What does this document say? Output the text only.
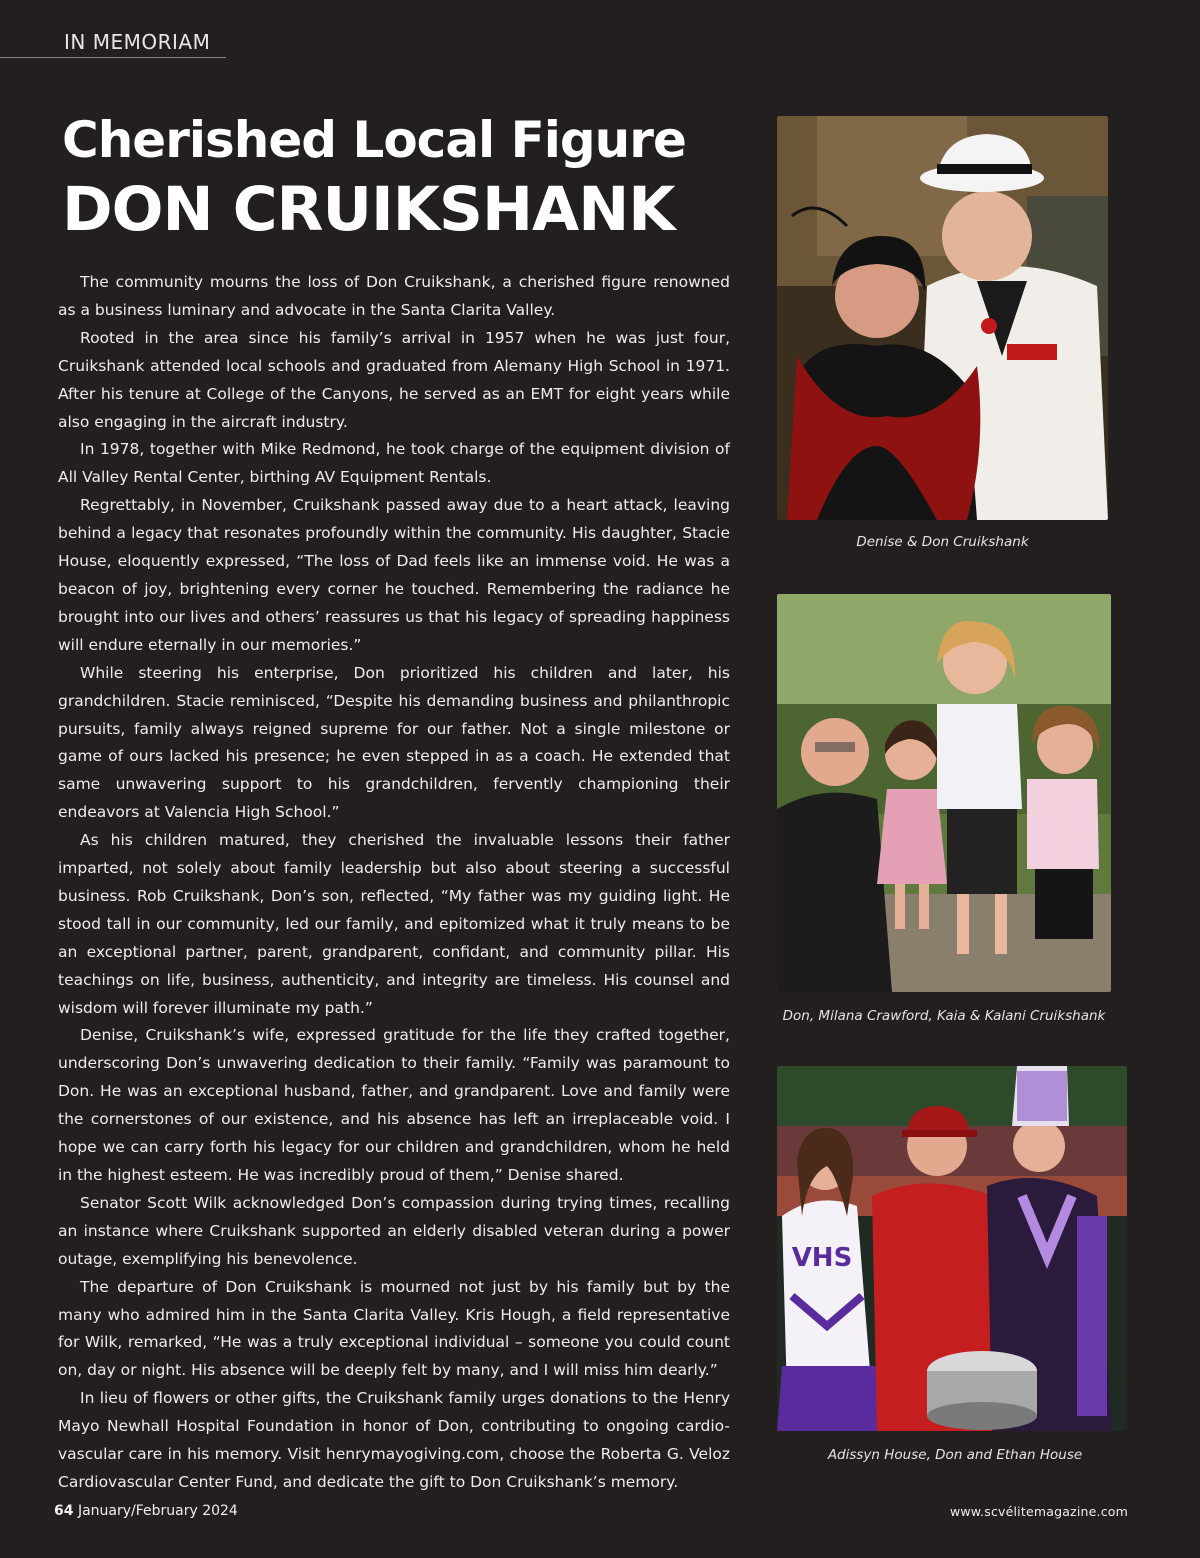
IN MEMORIAM
Cherished Local Figure
DON CRUIKSHANK

The community mourns the loss of Don Cruikshank, a cherished figure renowned as a business luminary and advocate in the Santa Clarita Valley.

Rooted in the area since his family’s arrival in 1957 when he was just four, Cruikshank attended local schools and graduated from Alemany High School in 1971. After his tenure at College of the Canyons, he served as an EMT for eight years while also engaging in the aircraft industry.

In 1978, together with Mike Redmond, he took charge of the equipment division of All Valley Rental Center, birthing AV Equipment Rentals.

Regrettably, in November, Cruikshank passed away due to a heart attack, leaving behind a legacy that resonates profoundly within the community. His daughter, Stacie House, eloquently expressed, “The loss of Dad feels like an immense void. He was a beacon of joy, brightening every corner he touched. Remembering the radiance he brought into our lives and others’ reassures us that his legacy of spreading happiness will endure eternally in our memories.”

While steering his enterprise, Don prioritized his children and later, his grandchildren. Stacie reminisced, “Despite his demanding business and philanthropic pursuits, family always reigned supreme for our father. Not a single milestone or game of ours lacked his presence; he even stepped in as a coach. He extended that same unwavering support to his grandchildren, fervently championing their endeavors at Valencia High School.”

As his children matured, they cherished the invaluable lessons their father imparted, not solely about family leadership but also about steering a successful business. Rob Cruikshank, Don’s son, reflected, “My father was my guiding light. He stood tall in our community, led our family, and epitomized what it truly means to be an exceptional partner, parent, grandparent, confidant, and community pillar. His teachings on life, business, authenticity, and integrity are timeless. His counsel and wisdom will forever illuminate my path.”

Denise, Cruikshank’s wife, expressed gratitude for the life they crafted together, underscoring Don’s unwavering dedication to their family. “Family was paramount to Don. He was an exceptional husband, father, and grandparent. Love and family were the cornerstones of our existence, and his absence has left an irreplaceable void. I hope we can carry forth his legacy for our children and grandchildren, whom he held in the highest esteem. He was incredibly proud of them,” Denise shared.

Senator Scott Wilk acknowledged Don’s compassion during trying times, recalling an instance where Cruikshank supported an elderly disabled veteran during a power outage, exemplifying his benevolence.

The departure of Don Cruikshank is mourned not just by his family but by the many who admired him in the Santa Clarita Valley. Kris Hough, a field representative for Wilk, remarked, “He was a truly exceptional individual – someone you could count on, day or night. His absence will be deeply felt by many, and I will miss him dearly.”

In lieu of flowers or other gifts, the Cruikshank family urges donations to the Henry Mayo Newhall Hospital Foundation in honor of Don, contributing to ongoing cardio-vascular care in his memory. Visit henrymayogiving.com, choose the Roberta G. Veloz Cardiovascular Center Fund, and dedicate the gift to Don Cruikshank’s memory.

Denise & Don Cruikshank
Don, Milana Crawford, Kaia & Kalani Cruikshank
VHS
Adissyn House, Don and Ethan House
64 January/February 2024	www.scvélitemagazine.com
